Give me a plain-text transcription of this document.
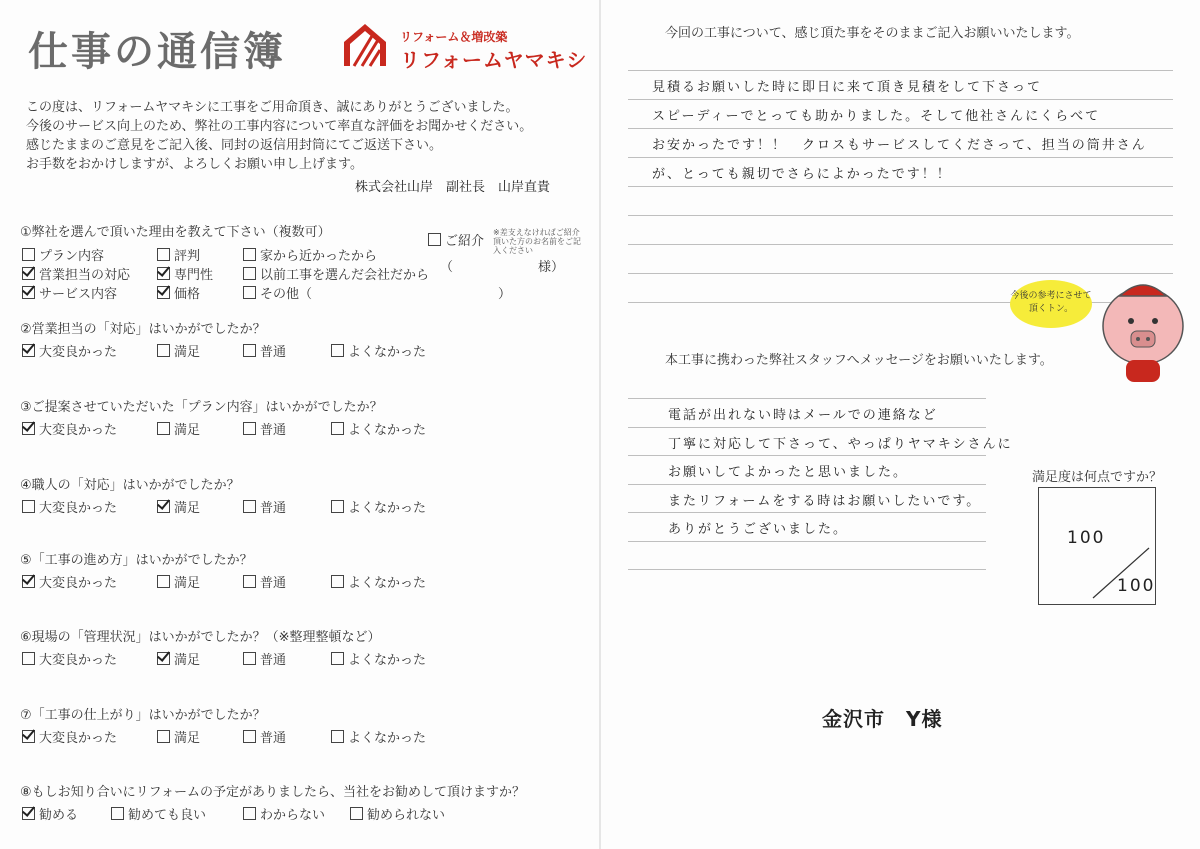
仕事の通信簿	リフォーム＆増改築
リフォームヤマキシ
この度は、リフォームヤマキシに工事をご用命頂き、誠にありがとうございました。
今後のサービス向上のため、弊社の工事内容について率直な評価をお聞かせください。
感じたままのご意見をご記入後、同封の返信用封筒にてご返送下さい。
お手数をおかけしますが、よろしくお願い申し上げます。
株式会社山岸　副社長　山岸直貴
①弊社を選んで頂いた理由を教えて下さい（複数可）
プラン内容	評判	家から近かったから
営業担当の対応	専門性	以前工事を選んだ会社だから
サービス内容	価格	その他（
ご紹介
※差支えなければご紹介頂いた方のお名前をご記入ください
（	様）
）
②営業担当の「対応」はいかがでしたか？
大変良かった	満足	普通	よくなかった
③ご提案させていただいた「プラン内容」はいかがでしたか？
大変良かった	満足	普通	よくなかった
④職人の「対応」はいかがでしたか？
大変良かった	満足	普通	よくなかった
⑤「工事の進め方」はいかがでしたか？
大変良かった	満足	普通	よくなかった
⑥現場の「管理状況」はいかがでしたか？（※整理整頓など）
大変良かった	満足	普通	よくなかった
⑦「工事の仕上がり」はいかがでしたか？
大変良かった	満足	普通	よくなかった
⑧もしお知り合いにリフォームの予定がありましたら、当社をお勧めして頂けますか？
勧める	勧めても良い	わからない	勧められない
今回の工事について、感じ頂た事をそのままご記入お願いいたします。
見積るお願いした時に即日に来て頂き見積をして下さって
スピーディーでとっても助かりました。そして他社さんにくらべて
お安かったです！！　クロスもサービスしてくださって、担当の筒井さん
が、とっても親切でさらによかったです！！
今後の参考にさせて頂くトン。
本工事に携わった弊社スタッフへメッセージをお願いいたします。
電話が出れない時はメールでの連絡など
丁寧に対応して下さって、やっぱりヤマキシさんに
お願いしてよかったと思いました。
またリフォームをする時はお願いしたいです。
ありがとうございました。
満足度は何点ですか？
100
100
金沢市　Y様
